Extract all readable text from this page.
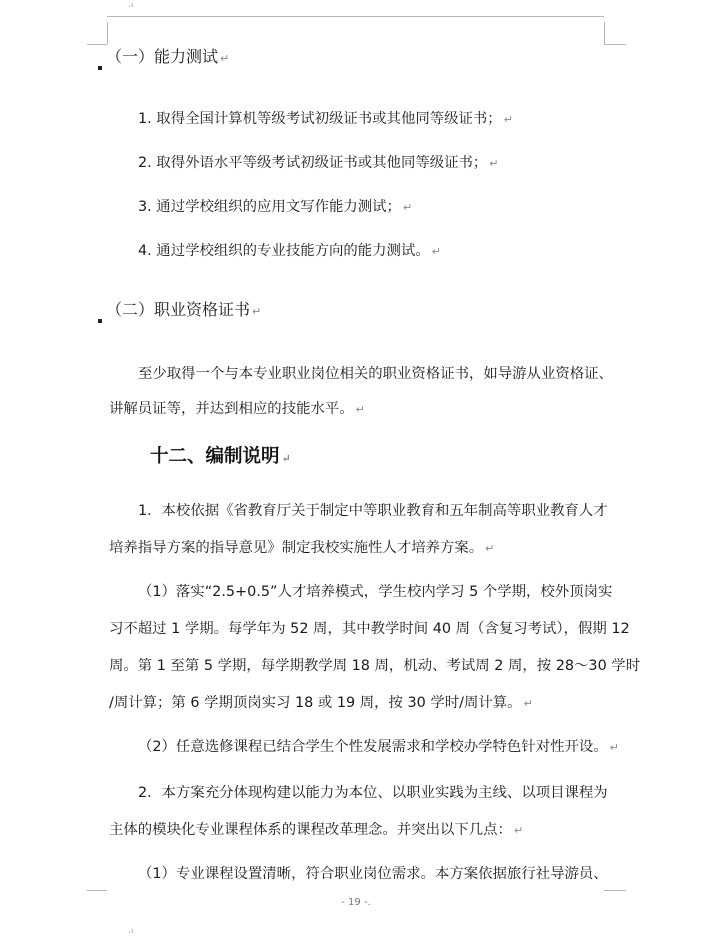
·¹
（一）能力测试 ↵
1. 取得全国计算机等级考试初级证书或其他同等级证书； ↵
2. 取得外语水平等级考试初级证书或其他同等级证书； ↵
3. 通过学校组织的应用文写作能力测试； ↵
4. 通过学校组织的专业技能方向的能力测试。 ↵
（二）职业资格证书 ↵
至少取得一个与本专业职业岗位相关的职业资格证书，如导游从业资格证、
讲解员证等，并达到相应的技能水平。 ↵
十二、编制说明 ↵
1．本校依据《省教育厅关于制定中等职业教育和五年制高等职业教育人才
培养指导方案的指导意见》制定我校实施性人才培养方案。 ↵
（1）落实“2.5+0.5”人才培养模式，学生校内学习 5 个学期，校外顶岗实
习不超过 1 学期。每学年为 52 周，其中教学时间 40 周（含复习考试），假期 12
周。第 1 至第 5 学期，每学期教学周 18 周，机动、考试周 2 周，按 28～30 学时
/周计算；第 6 学期顶岗实习 18 或 19 周，按 30 学时/周计算。 ↵
（2）任意选修课程已结合学生个性发展需求和学校办学特色针对性开设。 ↵
2．本方案充分体现构建以能力为本位、以职业实践为主线、以项目课程为
主体的模块化专业课程体系的课程改革理念。并突出以下几点： ↵
（1）专业课程设置清晰，符合职业岗位需求。本方案依据旅行社导游员、
- 19 -.
·¹
